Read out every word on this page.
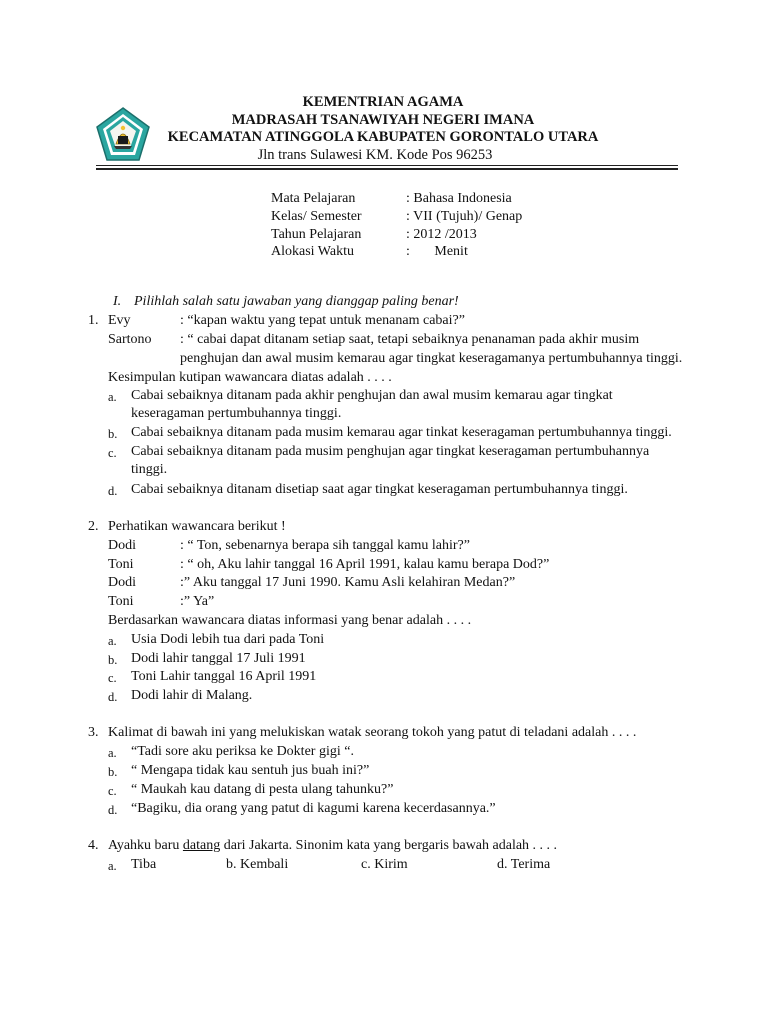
KEMENTRIAN AGAMA
MADRASAH TSANAWIYAH NEGERI IMANA
KECAMATAN ATINGGOLA KABUPATEN GORONTALO UTARA
Jln trans Sulawesi KM. Kode Pos 96253
Mata Pelajaran	: Bahasa Indonesia
Kelas/ Semester	: VII (Tujuh)/ Genap
Tahun Pelajaran	: 2012 /2013
Alokasi Waktu	:       Menit
I. Pilihlah salah satu jawaban yang dianggap paling benar!
1. Evy	: “kapan waktu yang tepat untuk menanam cabai?”
Sartono : “ cabai dapat ditanam setiap saat, tetapi sebaiknya penanaman pada akhir musim
penghujan dan awal musim kemarau agar tingkat keseragamanya pertumbuhannya tinggi.
Kesimpulan kutipan wawancara diatas adalah . . . .
a. Cabai sebaiknya ditanam pada akhir penghujan dan awal musim kemarau agar tingkat
keseragaman pertumbuhannya tinggi.
b. Cabai sebaiknya ditanam pada musim kemarau agar tinkat keseragaman pertumbuhannya tinggi.
c. Cabai sebaiknya ditanam pada musim penghujan agar tingkat keseragaman pertumbuhannya
tinggi.
d. Cabai sebaiknya ditanam disetiap saat agar tingkat keseragaman pertumbuhannya tinggi.
2. Perhatikan wawancara berikut !
Dodi	: “ Ton, sebenarnya berapa sih tanggal kamu lahir?”
Toni	: “ oh, Aku lahir tanggal 16 April 1991, kalau kamu berapa Dod?”
Dodi	:” Aku tanggal 17 Juni 1990. Kamu Asli kelahiran Medan?”
Toni	:” Ya”
Berdasarkan wawancara diatas informasi yang benar adalah . . . .
a. Usia Dodi lebih tua dari pada Toni
b. Dodi lahir tanggal 17 Juli 1991
c. Toni Lahir tanggal 16 April 1991
d. Dodi lahir di Malang.
3. Kalimat di bawah ini yang melukiskan watak seorang tokoh yang patut di teladani adalah . . . .
a. “Tadi sore aku periksa ke Dokter gigi “.
b. “ Mengapa tidak kau sentuh jus buah ini?”
c. “ Maukah kau datang di pesta ulang tahunku?”
d. “Bagiku, dia orang yang patut di kagumi karena kecerdasannya.”
4. Ayahku baru datang dari Jakarta. Sinonim kata yang bergaris bawah adalah . . . .
a. Tiba	b. Kembali	c. Kirim	d. Terima
